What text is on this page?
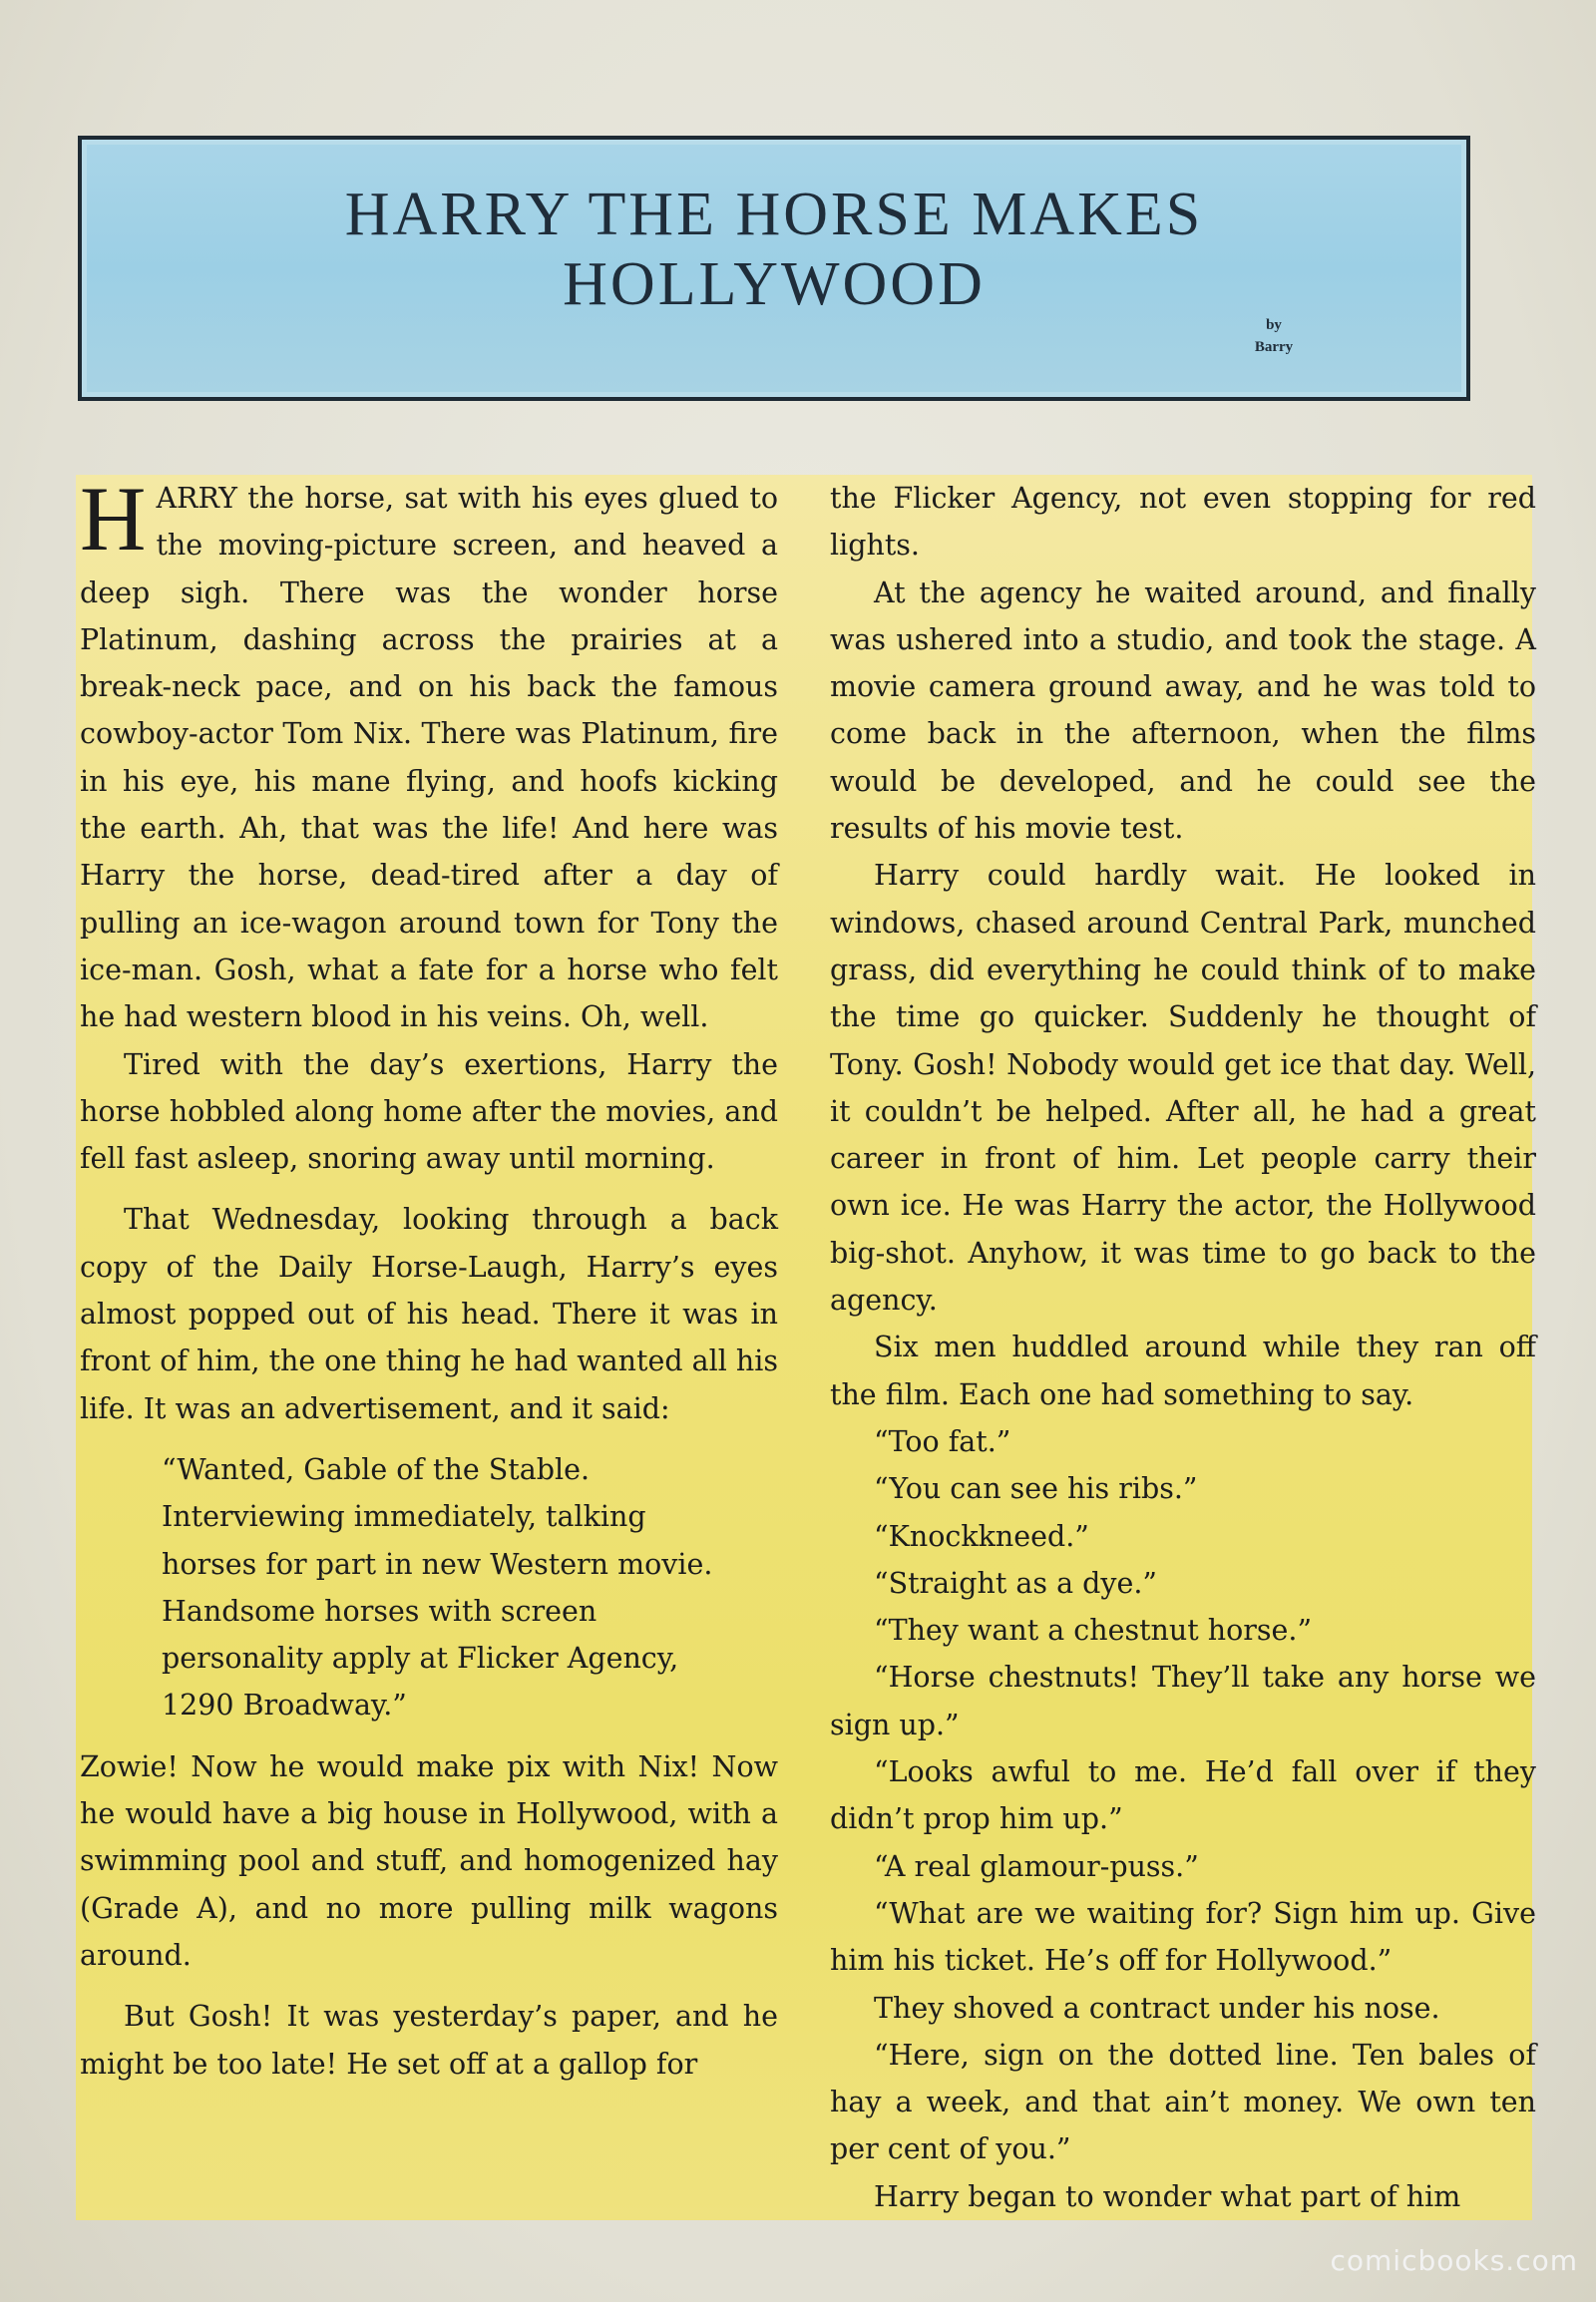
HARRY THE HORSE MAKES
HOLLYWOOD
by
Barry

HARRY the horse, sat with his eyes glued to the moving-picture screen, and heaved a deep sigh. There was the wonder horse Platinum, dashing across the prairies at a break-neck pace, and on his back the famous cowboy-actor Tom Nix. There was Platinum, fire in his eye, his mane flying, and hoofs kicking the earth. Ah, that was the life! And here was Harry the horse, dead-tired after a day of pulling an ice-wagon around town for Tony the ice-man. Gosh, what a fate for a horse who felt he had western blood in his veins. Oh, well.

Tired with the day’s exertions, Harry the horse hobbled along home after the movies, and fell fast asleep, snoring away until morning.

That Wednesday, looking through a back copy of the Daily Horse-Laugh, Harry’s eyes almost popped out of his head. There it was in front of him, the one thing he had wanted all his life. It was an advertisement, and it said:

“Wanted, Gable of the Stable. Interviewing immediately, talking horses for part in new Western movie. Handsome horses with screen personality apply at Flicker Agency, 1290 Broadway.”

Zowie! Now he would make pix with Nix! Now he would have a big house in Hollywood, with a swimming pool and stuff, and homogenized hay (Grade A), and no more pulling milk wagons around.

But Gosh! It was yesterday’s paper, and he might be too late! He set off at a gallop for

the Flicker Agency, not even stopping for red lights.

At the agency he waited around, and finally was ushered into a studio, and took the stage. A movie camera ground away, and he was told to come back in the afternoon, when the films would be developed, and he could see the results of his movie test.

Harry could hardly wait. He looked in windows, chased around Central Park, munched grass, did everything he could think of to make the time go quicker. Suddenly he thought of Tony. Gosh! Nobody would get ice that day. Well, it couldn’t be helped. After all, he had a great career in front of him. Let people carry their own ice. He was Harry the actor, the Hollywood big-shot. Anyhow, it was time to go back to the agency.

Six men huddled around while they ran off the film. Each one had something to say.

“Too fat.”

“You can see his ribs.”

“Knockkneed.”

“Straight as a dye.”

“They want a chestnut horse.”

“Horse chestnuts! They’ll take any horse we sign up.”

“Looks awful to me. He’d fall over if they didn’t prop him up.”

“A real glamour-puss.”

“What are we waiting for? Sign him up. Give him his ticket. He’s off for Hollywood.”

They shoved a contract under his nose.

“Here, sign on the dotted line. Ten bales of hay a week, and that ain’t money. We own ten per cent of you.”

Harry began to wonder what part of him

comicbooks.com
